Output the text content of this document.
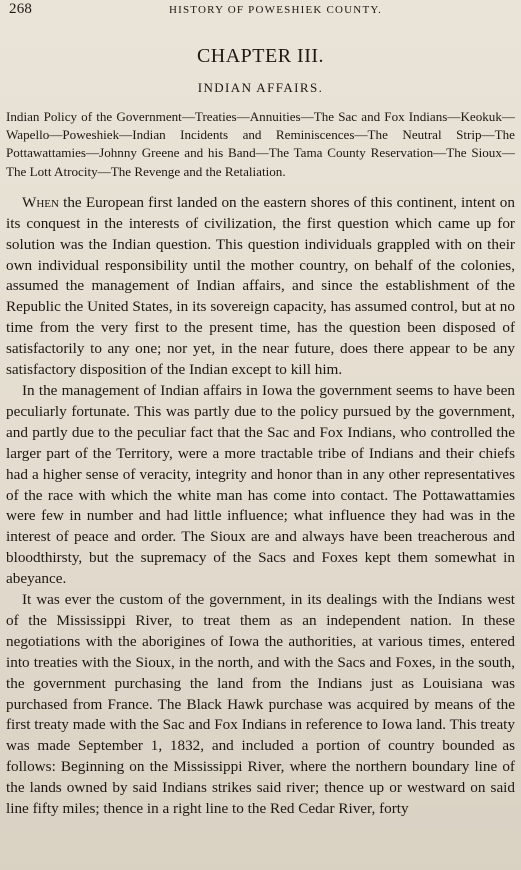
268	HISTORY OF POWESHIEK COUNTY.
CHAPTER III.
INDIAN AFFAIRS.
Indian Policy of the Government—Treaties—Annuities—The Sac and Fox Indians—Keokuk—Wapello—Poweshiek—Indian Incidents and Reminiscences—The Neutral Strip—The Pottawattamies—Johnny Greene and his Band—The Tama County Reservation—The Sioux—The Lott Atrocity—The Revenge and the Retaliation.

When the European first landed on the eastern shores of this continent, intent on its conquest in the interests of civilization, the first question which came up for solution was the Indian question. This question individuals grappled with on their own individual responsibility until the mother country, on behalf of the colonies, assumed the management of Indian affairs, and since the establishment of the Republic the United States, in its sovereign capacity, has assumed control, but at no time from the very first to the present time, has the question been disposed of satisfactorily to any one; nor yet, in the near future, does there appear to be any satisfactory disposition of the Indian except to kill him.

In the management of Indian affairs in Iowa the government seems to have been peculiarly fortunate. This was partly due to the policy pursued by the government, and partly due to the peculiar fact that the Sac and Fox Indians, who controlled the larger part of the Territory, were a more tractable tribe of Indians and their chiefs had a higher sense of veracity, integrity and honor than in any other representatives of the race with which the white man has come into contact. The Pottawattamies were few in number and had little influence; what influence they had was in the interest of peace and order. The Sioux are and always have been treacherous and bloodthirsty, but the supremacy of the Sacs and Foxes kept them somewhat in abeyance.

It was ever the custom of the government, in its dealings with the Indians west of the Mississippi River, to treat them as an independent nation. In these negotiations with the aborigines of Iowa the authorities, at various times, entered into treaties with the Sioux, in the north, and with the Sacs and Foxes, in the south, the government purchasing the land from the Indians just as Louisiana was purchased from France. The Black Hawk purchase was acquired by means of the first treaty made with the Sac and Fox Indians in reference to Iowa land. This treaty was made September 1, 1832, and included a portion of country bounded as follows: Beginning on the Mississippi River, where the northern boundary line of the lands owned by said Indians strikes said river; thence up or westward on said line fifty miles; thence in a right line to the Red Cedar River, forty
